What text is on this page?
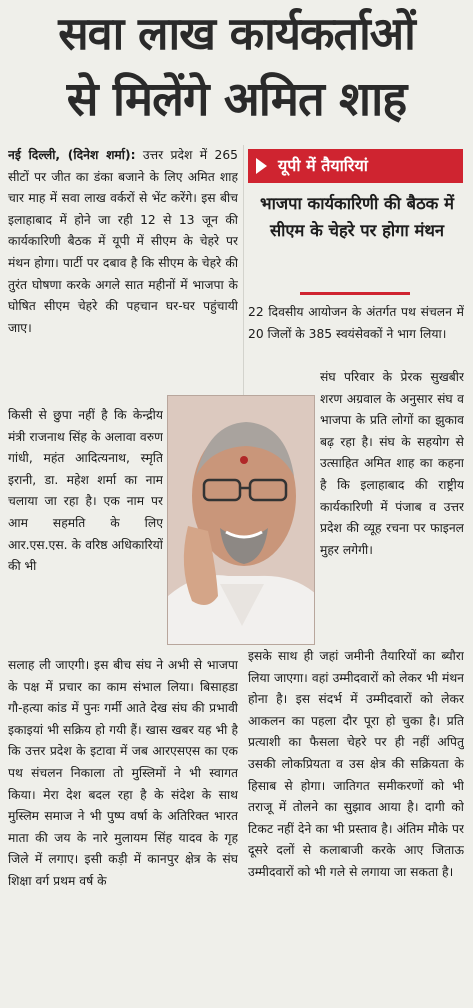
सवा लाख कार्यकर्ताओं
से मिलेंगे अमित शाह

नई दिल्ली, (दिनेश शर्मा): उत्तर प्रदेश में 265 सीटों पर जीत का डंका बजाने के लिए अमित शाह चार माह में सवा लाख वर्करों से भेंट करेंगे। इस बीच इलाहाबाद में होने जा रही 12 से 13 जून की कार्यकारिणी बैठक में यूपी में सीएम के चेहरे पर मंथन होगा। पार्टी पर दबाव है कि सीएम के चेहरे की तुरंत घोषणा करके अगले सात महीनों में भाजपा के घोषित सीएम चेहरे की पहचान घर-घर पहुंचायी जाए।

किसी से छुपा नहीं है कि केन्द्रीय मंत्री राजनाथ सिंह के अलावा वरुण गांधी, महंत आदित्यनाथ, स्मृति इरानी, डा. महेश शर्मा का नाम चलाया जा रहा है। एक नाम पर आम सहमति के लिए आर.एस.एस. के वरिष्ठ अधिकारियों की भी

सलाह ली जाएगी। इस बीच संघ ने अभी से भाजपा के पक्ष में प्रचार का काम संभाल लिया। बिसाहडा गौ-हत्या कांड में पुनः गर्मी आते देख संघ की प्रभावी इकाइयां भी सक्रिय हो गयी हैं। खास खबर यह भी है कि उत्तर प्रदेश के इटावा में जब आरएसएस का एक पथ संचलन निकाला तो मुस्लिमों ने भी स्वागत किया। मेरा देश बदल रहा है के संदेश के साथ मुस्लिम समाज ने भी पुष्प वर्षा के अतिरिक्त भारत माता की जय के नारे मुलायम सिंह यादव के गृह जिले में लगाए। इसी कड़ी में कानपुर क्षेत्र के संघ शिक्षा वर्ग प्रथम वर्ष के

यूपी में तैयारियां
भाजपा कार्यकारिणी की बैठक में सीएम के चेहरे पर होगा मंथन

22 दिवसीय आयोजन के अंतर्गत पथ संचलन में 20 जिलों के 385 स्वयंसेवकों ने भाग लिया।

संघ परिवार के प्रेरक सुखबीर शरण अग्रवाल के अनुसार संघ व भाजपा के प्रति लोगों का झुकाव बढ़ रहा है। संघ के सहयोग से उत्साहित अमित शाह का कहना है कि इलाहाबाद की राष्ट्रीय कार्यकारिणी में पंजाब व उत्तर प्रदेश की व्यूह रचना पर फाइनल मुहर लगेगी।

इसके साथ ही जहां जमीनी तैयारियों का ब्यौरा लिया जाएगा। वहां उम्मीदवारों को लेकर भी मंथन होना है। इस संदर्भ में उम्मीदवारों को लेकर आकलन का पहला दौर पूरा हो चुका है। प्रति प्रत्याशी का फैसला चेहरे पर ही नहीं अपितु उसकी लोकप्रियता व उस क्षेत्र की सक्रियता के हिसाब से होगा। जातिगत समीकरणों को भी तराजू में तोलने का सुझाव आया है। दागी को टिकट नहीं देने का भी प्रस्ताव है। अंतिम मौके पर दूसरे दलों से कलाबाजी करके आए जिताऊ उम्मीदवारों को भी गले से लगाया जा सकता है।
